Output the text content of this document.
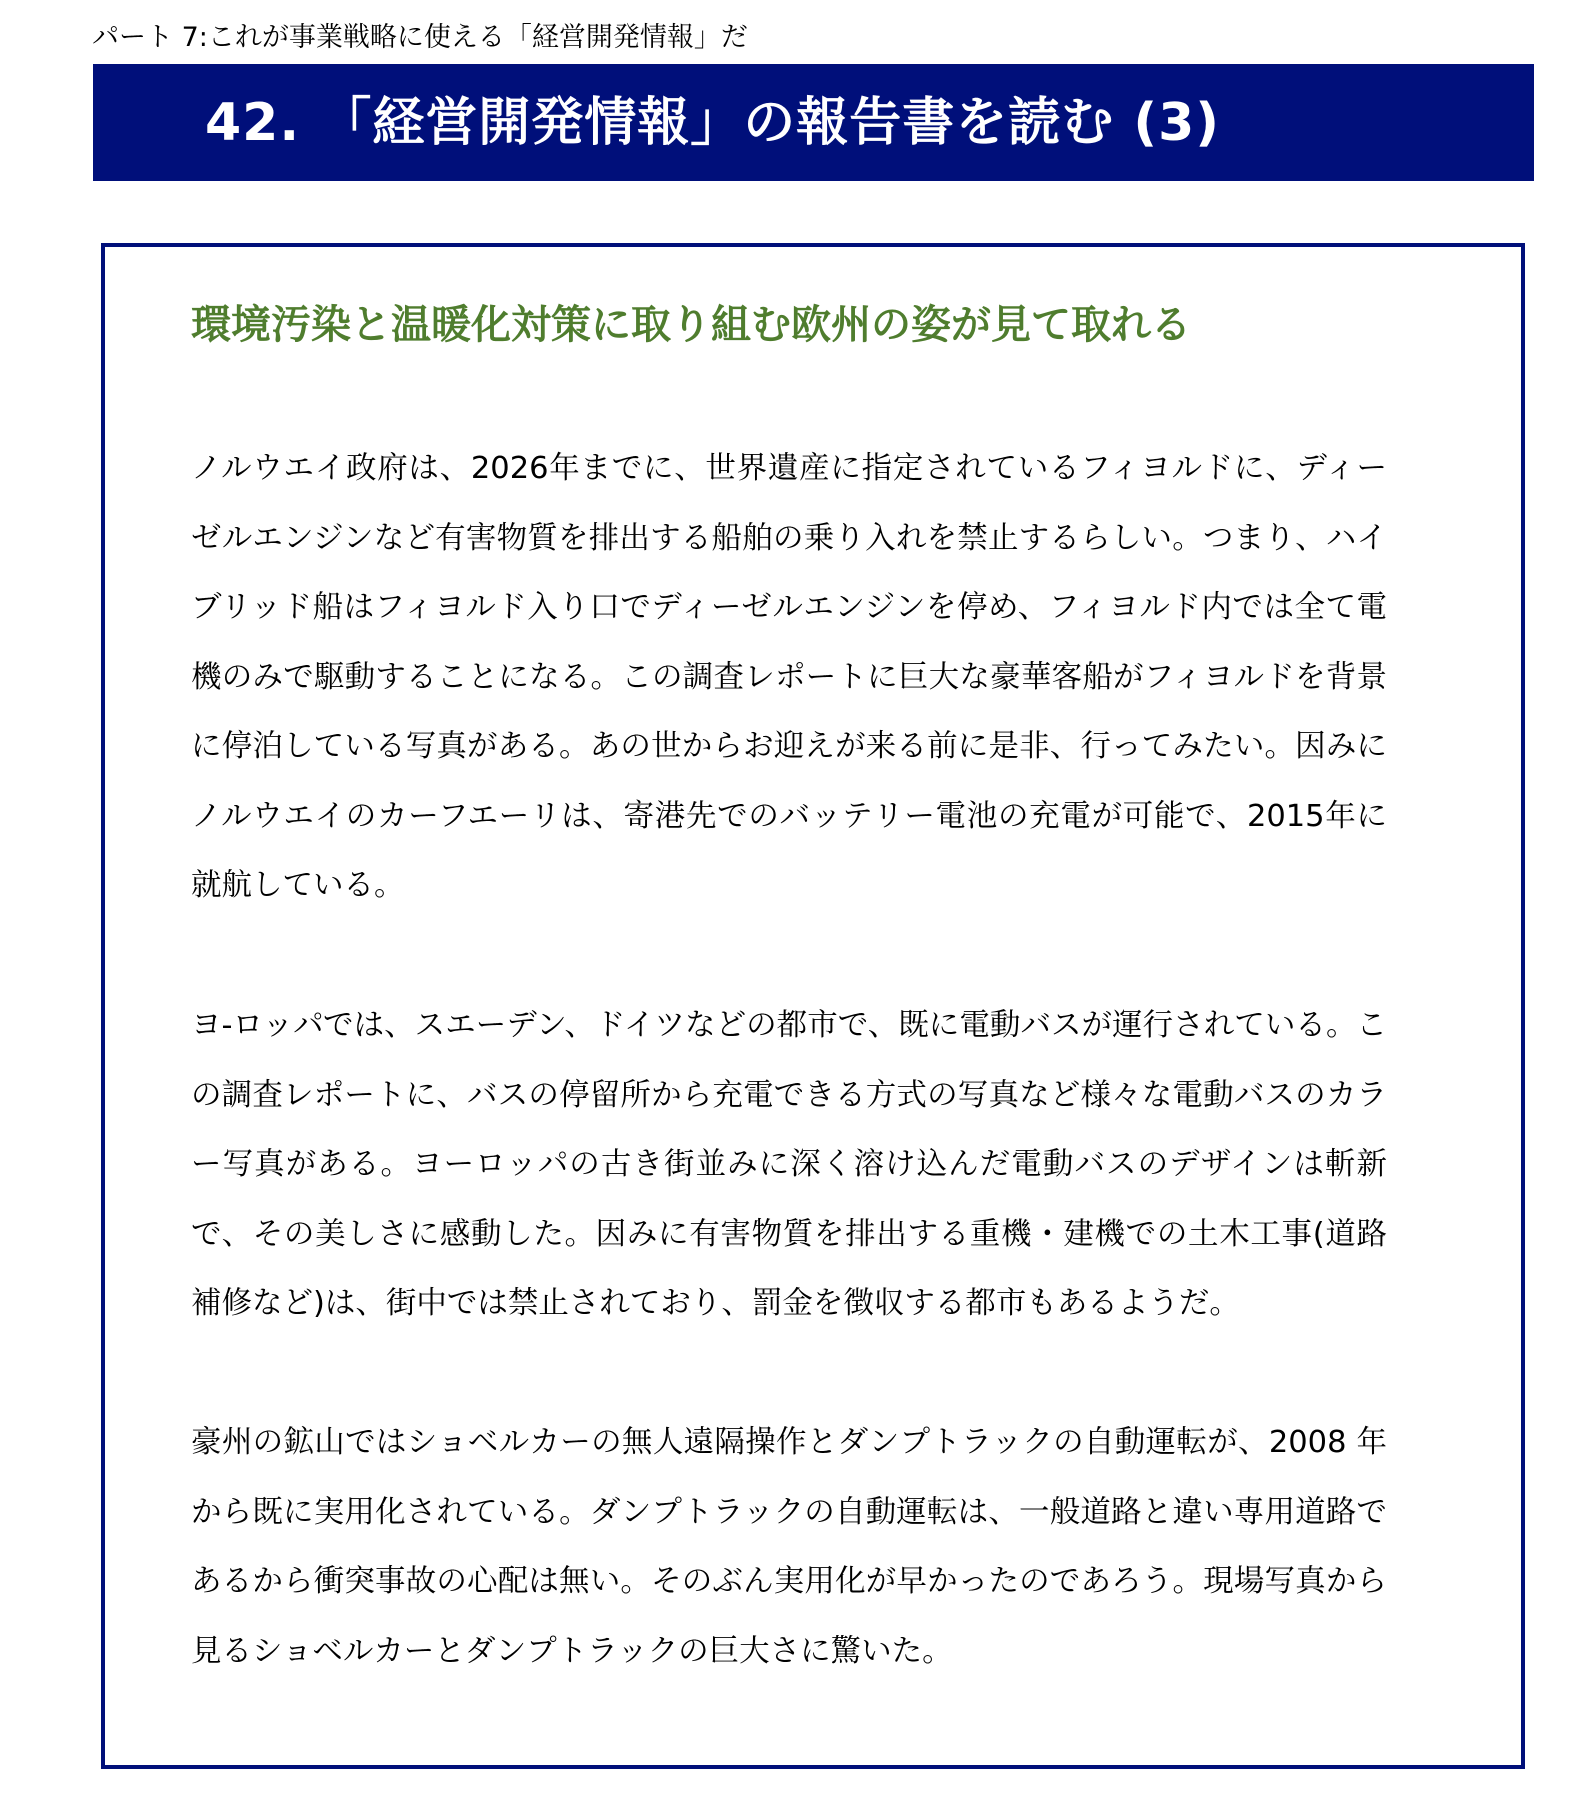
パート 7:これが事業戦略に使える「経営開発情報」だ
42. 「経営開発情報」の報告書を読む (3)
環境汚染と温暖化対策に取り組む欧州の姿が見て取れる

ノルウエイ政府は、2026年までに、世界遺産に指定されているフィヨルドに、ディーゼルエンジンなど有害物質を排出する船舶の乗り入れを禁止するらしい。つまり、ハイブリッド船はフィヨルド入り口でディーゼルエンジンを停め、フィヨルド内では全て電機のみで駆動することになる。この調査レポートに巨大な豪華客船がフィヨルドを背景に停泊している写真がある。あの世からお迎えが来る前に是非、行ってみたい。因みにノルウエイのカーフエーリは、寄港先でのバッテリー電池の充電が可能で、2015年に就航している。

ヨ-ロッパでは、スエーデン、ドイツなどの都市で、既に電動バスが運行されている。この調査レポートに、バスの停留所から充電できる方式の写真など様々な電動バスのカラー写真がある。ヨーロッパの古き街並みに深く溶け込んだ電動バスのデザインは斬新で、その美しさに感動した。因みに有害物質を排出する重機・建機での土木工事(道路補修など)は、街中では禁止されており、罰金を徴収する都市もあるようだ。

豪州の鉱山ではショベルカーの無人遠隔操作とダンプトラックの自動運転が、2008 年から既に実用化されている。ダンプトラックの自動運転は、一般道路と違い専用道路であるから衝突事故の心配は無い。そのぶん実用化が早かったのであろう。現場写真から見るショベルカーとダンプトラックの巨大さに驚いた。
